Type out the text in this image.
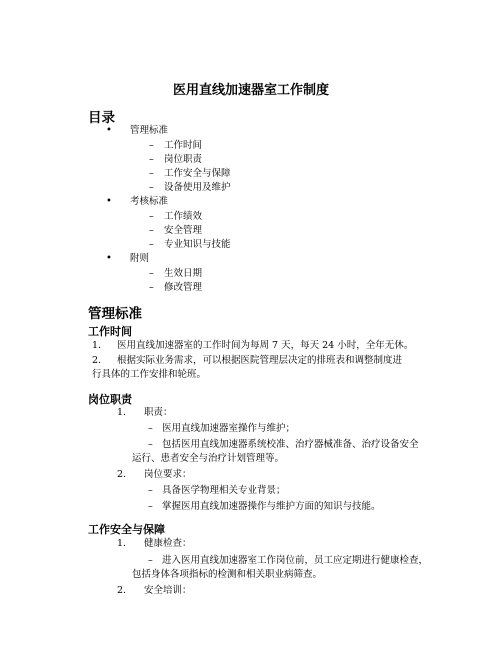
医用直线加速器室工作制度
目录
• 管理标准
– 工作时间
– 岗位职责
– 工作安全与保障
– 设备使用及维护
• 考核标准
– 工作绩效
– 安全管理
– 专业知识与技能
• 附则
– 生效日期
– 修改管理
管理标准
工作时间
1. 医用直线加速器室的工作时间为每周 7 天，每天 24 小时，全年无休。
2. 根据实际业务需求，可以根据医院管理层决定的排班表和调整制度进
行具体的工作安排和轮班。
岗位职责
1. 职责：
– 医用直线加速器室操作与维护；
– 包括医用直线加速器系统校准、治疗器械准备、治疗设备安全
运行、患者安全与治疗计划管理等。
2. 岗位要求：
– 具备医学物理相关专业背景；
– 掌握医用直线加速器操作与维护方面的知识与技能。
工作安全与保障
1. 健康检查：
– 进入医用直线加速器室工作岗位前，员工应定期进行健康检查，
包括身体各项指标的检测和相关职业病筛查。
2. 安全培训：
